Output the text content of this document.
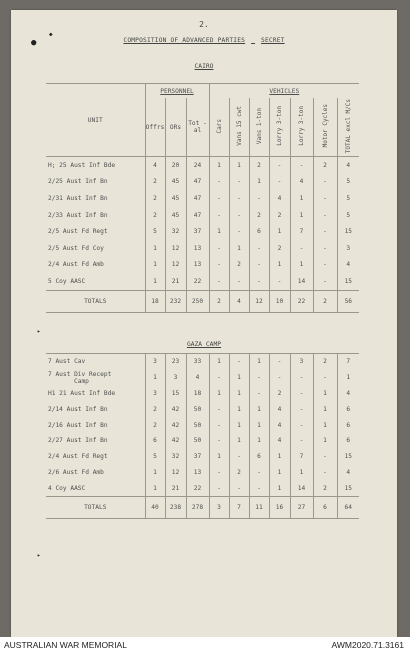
2.
COMPOSITION OF ADVANCED PARTIES	SECRET
●
◆
▸
▸
CAIRO
UNIT	PERSONNEL			VEHICLES						
	Offrs	ORs	Tot -al	Cars	Vans 15 cwt	Vans 1-ton	Lorry 3-ton	Lorry 3-ton	Motor Cycles	TOTAL excl M/Cs
H; 25 Aust Inf Bde	4	20	24	1	1	2	-	-	2	4
2/25 Aust Inf Bn	2	45	47	-	-	1	-	4	-	5
2/31 Aust Inf Bn	2	45	47	-	-	-	4	1	-	5
2/33 Aust Inf Bn	2	45	47	-	-	2	2	1	-	5
2/5 Aust Fd Regt	5	32	37	1	-	6	1	7	-	15
2/5 Aust Fd Coy	1	12	13	-	1	-	2	-	-	3
2/4 Aust Fd Amb	1	12	13	-	2	-	1	1	-	4
5 Coy AASC	1	21	22	-	-	-	-	14	-	15
TOTALS	18	232	250	2	4	12	10	22	2	56
GAZA CAMP

7 Aust Cav	3	23	33	1	-	1	-	3	2	7
7 Aust Div Recept
Camp	1	3	4	-	1	-	-	-	-	1
H1 21 Aust Inf Bde	3	15	18	1	1	-	2	-	1	4
2/14 Aust Inf Bn	2	42	50	-	1	1	4	-	1	6
2/16 Aust Inf Bn	2	42	50	-	1	1	4	-	1	6
2/27 Aust Inf Bn	6	42	50	-	1	1	4	-	1	6
2/4 Aust Fd Regt	5	32	37	1	-	6	1	7	-	15
2/6 Aust Fd Amb	1	12	13	-	2	-	1	1	-	4
4 Coy AASC	1	21	22	-	-	-	1	14	2	15
TOTALS	40	238	278	3	7	11	16	27	6	64
AUSTRALIAN WAR MEMORIAL	AWM2020.71.3161
